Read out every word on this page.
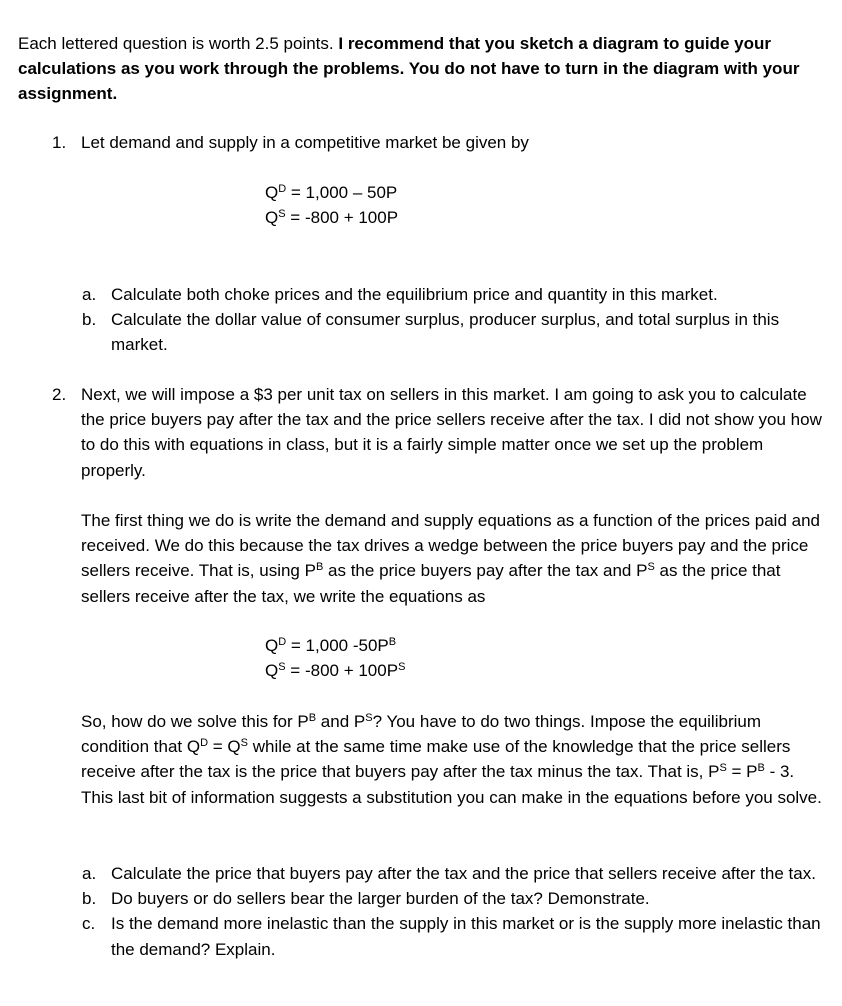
Each lettered question is worth 2.5 points. I recommend that you sketch a diagram to guide your calculations as you work through the problems. You do not have to turn in the diagram with your assignment.
1. Let demand and supply in a competitive market be given by
$Q^D = 1,000 - 50P$
$Q^S = -800 + 100P$
a. Calculate both choke prices and the equilibrium price and quantity in this market.
b. Calculate the dollar value of consumer surplus, producer surplus, and total surplus in this market.
2. Next, we will impose a $3 per unit tax on sellers in this market. I am going to ask you to calculate the price buyers pay after the tax and the price sellers receive after the tax. I did not show you how to do this with equations in class, but it is a fairly simple matter once we set up the problem properly.
The first thing we do is write the demand and supply equations as a function of the prices paid and received. We do this because the tax drives a wedge between the price buyers pay and the price sellers receive. That is, using $P^B$ as the price buyers pay after the tax and $P^S$ as the price that sellers receive after the tax, we write the equations as
$Q^D = 1,000$ $-50P^B$
$Q^S = -800 + 100P^S$
So, how do we solve this for $P^B$ and $P^S$? You have to do two things. Impose the equilibrium condition that $Q^D = Q^S$ while at the same time make use of the knowledge that the price sellers receive after the tax is the price that buyers pay after the tax minus the tax. That is, $P^S = P^B - 3$. This last bit of information suggests a substitution you can make in the equations before you solve.
a. Calculate the price that buyers pay after the tax and the price that sellers receive after the tax.
b. Do buyers or do sellers bear the larger burden of the tax? Demonstrate.
c. Is the demand more inelastic than the supply in this market or is the supply more inelastic than the demand? Explain.
